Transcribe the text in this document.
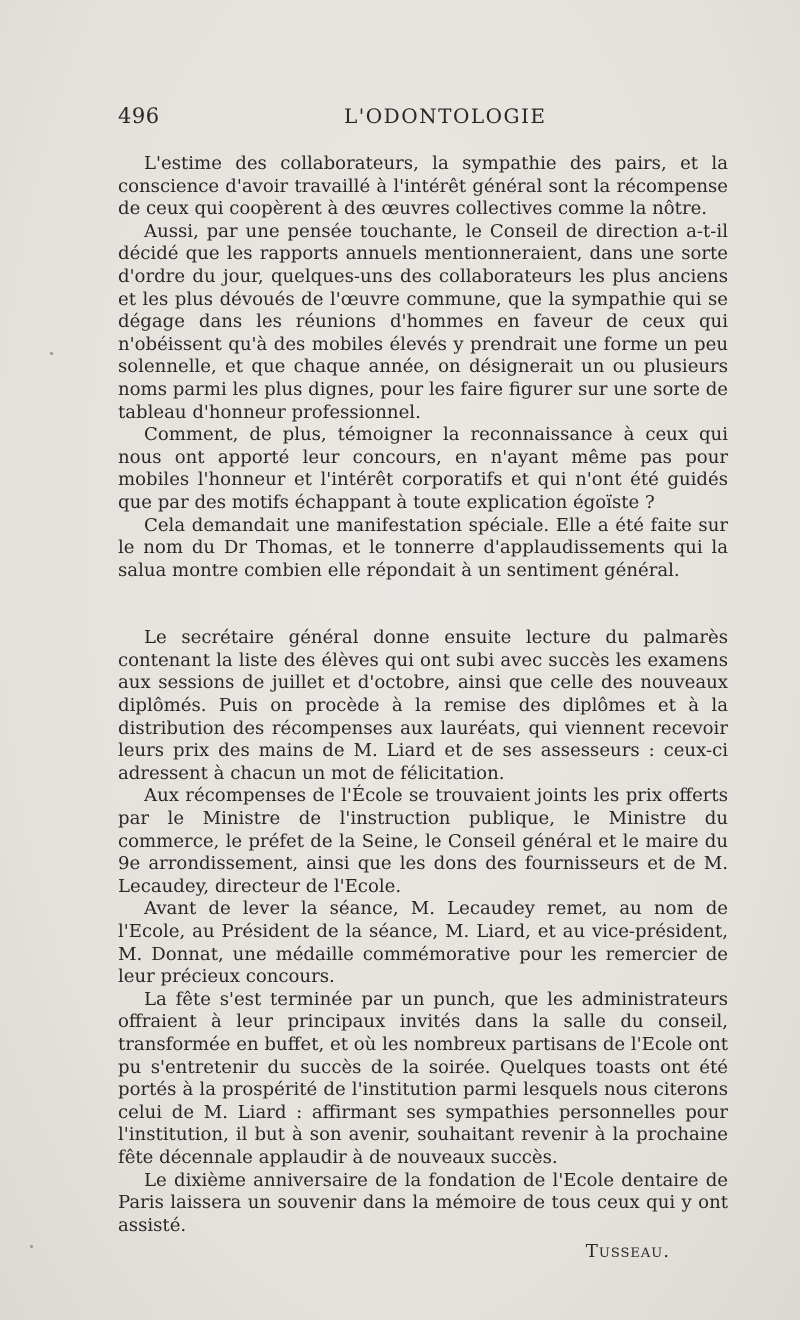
496	L'ODONTOLOGIE

L'estime des collaborateurs, la sympathie des pairs, et la conscience d'avoir travaillé à l'intérêt général sont la récompense de ceux qui coopèrent à des œuvres collectives comme la nôtre.

Aussi, par une pensée touchante, le Conseil de direction a-t-il décidé que les rapports annuels mentionneraient, dans une sorte d'ordre du jour, quelques-uns des collaborateurs les plus anciens et les plus dévoués de l'œuvre commune, que la sympathie qui se dégage dans les réunions d'hommes en faveur de ceux qui n'obéissent qu'à des mobiles élevés y prendrait une forme un peu solennelle, et que chaque année, on désignerait un ou plusieurs noms parmi les plus dignes, pour les faire figurer sur une sorte de tableau d'honneur professionnel.

Comment, de plus, témoigner la reconnaissance à ceux qui nous ont apporté leur concours, en n'ayant même pas pour mobiles l'honneur et l'intérêt corporatifs et qui n'ont été guidés que par des motifs échappant à toute explication égoïste ?

Cela demandait une manifestation spéciale. Elle a été faite sur le nom du Dr Thomas, et le tonnerre d'applaudissements qui la salua montre combien elle répondait à un sentiment général.

Le secrétaire général donne ensuite lecture du palmarès contenant la liste des élèves qui ont subi avec succès les examens aux sessions de juillet et d'octobre, ainsi que celle des nouveaux diplômés. Puis on procède à la remise des diplômes et à la distribution des récompenses aux lauréats, qui viennent recevoir leurs prix des mains de M. Liard et de ses assesseurs : ceux-ci adressent à chacun un mot de félicitation.

Aux récompenses de l'École se trouvaient joints les prix offerts par le Ministre de l'instruction publique, le Ministre du commerce, le préfet de la Seine, le Conseil général et le maire du 9e arrondissement, ainsi que les dons des fournisseurs et de M. Lecaudey, directeur de l'Ecole.

Avant de lever la séance, M. Lecaudey remet, au nom de l'Ecole, au Président de la séance, M. Liard, et au vice-président, M. Donnat, une médaille commémorative pour les remercier de leur précieux concours.

La fête s'est terminée par un punch, que les administrateurs offraient à leur principaux invités dans la salle du conseil, transformée en buffet, et où les nombreux partisans de l'Ecole ont pu s'entretenir du succès de la soirée. Quelques toasts ont été portés à la prospérité de l'institution parmi lesquels nous citerons celui de M. Liard : affirmant ses sympathies personnelles pour l'institution, il but à son avenir, souhaitant revenir à la prochaine fête décennale applaudir à de nouveaux succès.

Le dixième anniversaire de la fondation de l'Ecole dentaire de Paris laissera un souvenir dans la mémoire de tous ceux qui y ont assisté.

Tusseau.
